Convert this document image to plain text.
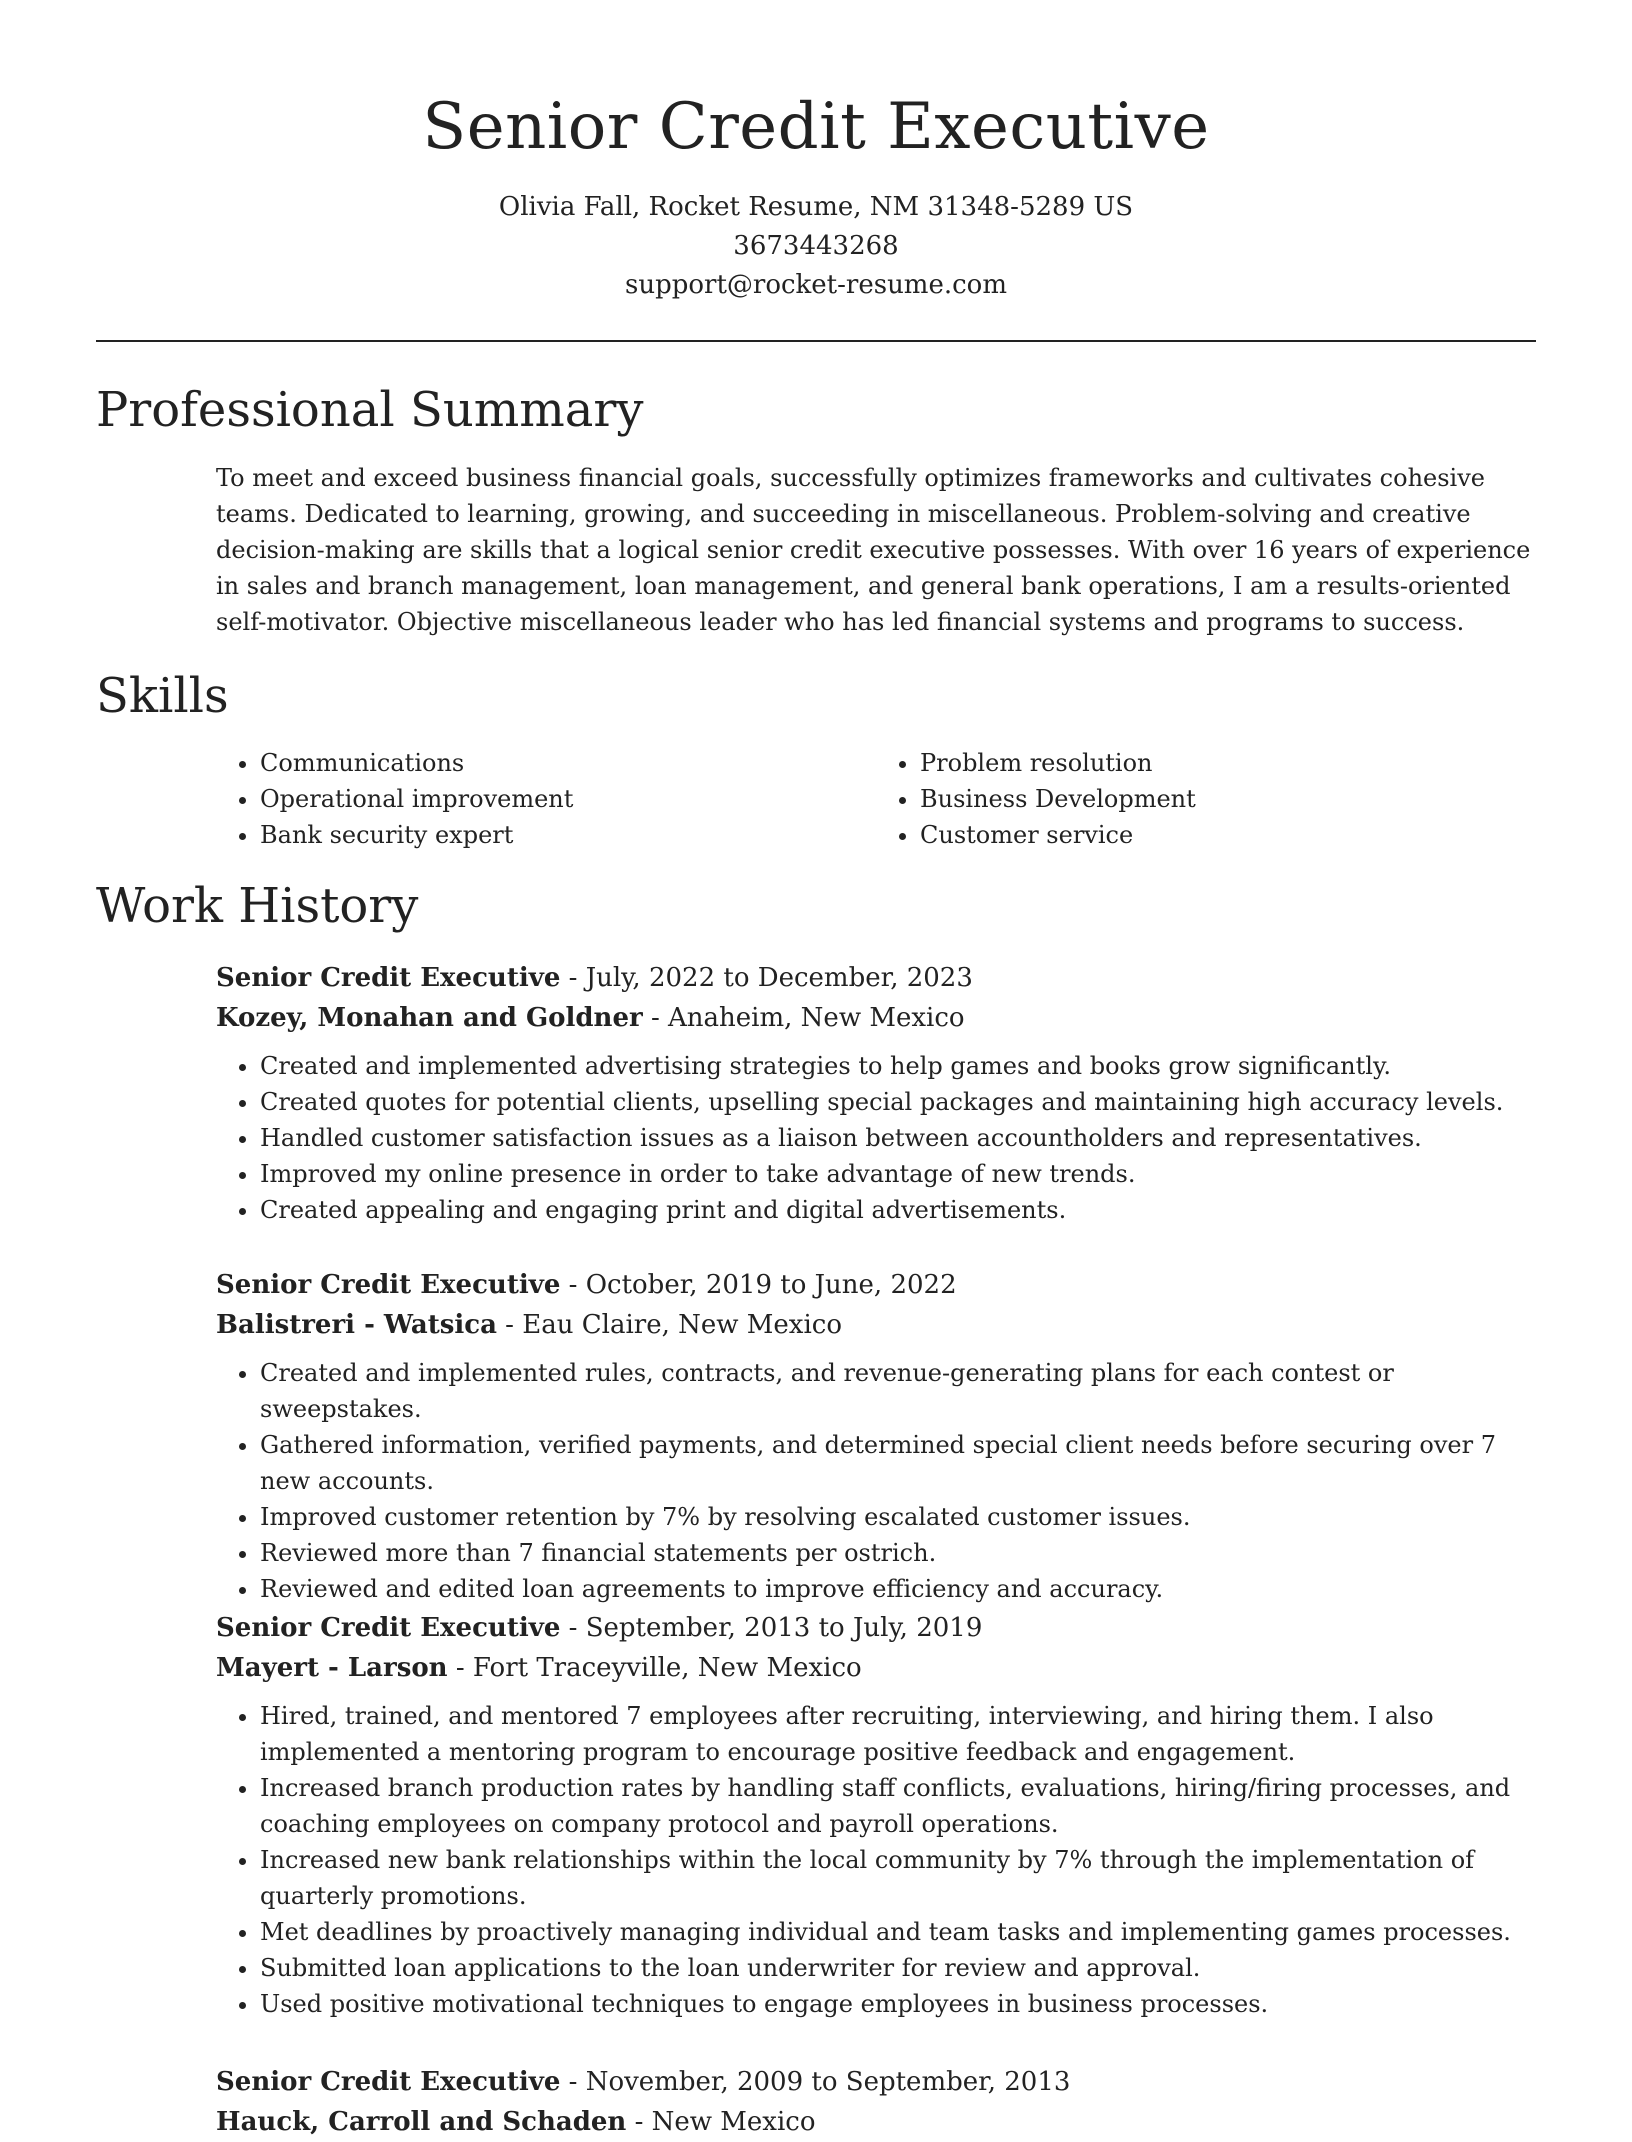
Senior Credit Executive
Olivia Fall, Rocket Resume, NM 31348-5289 US
3673443268
support@rocket-resume.com
Professional Summary
To meet and exceed business financial goals, successfully optimizes frameworks and cultivates cohesive teams. Dedicated to learning, growing, and succeeding in miscellaneous. Problem-solving and creative decision-making are skills that a logical senior credit executive possesses. With over 16 years of experience in sales and branch management, loan management, and general bank operations, I am a results-oriented self-motivator. Objective miscellaneous leader who has led financial systems and programs to success.
Skills
• Communications
• Operational improvement
• Bank security expert
• Problem resolution
• Business Development
• Customer service
Work History
Senior Credit Executive - July, 2022 to December, 2023
Kozey, Monahan and Goldner - Anaheim, New Mexico
• Created and implemented advertising strategies to help games and books grow significantly.
• Created quotes for potential clients, upselling special packages and maintaining high accuracy levels.
• Handled customer satisfaction issues as a liaison between accountholders and representatives.
• Improved my online presence in order to take advantage of new trends.
• Created appealing and engaging print and digital advertisements.
Senior Credit Executive - October, 2019 to June, 2022
Balistreri - Watsica - Eau Claire, New Mexico
• Created and implemented rules, contracts, and revenue-generating plans for each contest or sweepstakes.
• Gathered information, verified payments, and determined special client needs before securing over 7 new accounts.
• Improved customer retention by 7% by resolving escalated customer issues.
• Reviewed more than 7 financial statements per ostrich.
• Reviewed and edited loan agreements to improve efficiency and accuracy.
Senior Credit Executive - September, 2013 to July, 2019
Mayert - Larson - Fort Traceyville, New Mexico
• Hired, trained, and mentored 7 employees after recruiting, interviewing, and hiring them. I also implemented a mentoring program to encourage positive feedback and engagement.
• Increased branch production rates by handling staff conflicts, evaluations, hiring/firing processes, and coaching employees on company protocol and payroll operations.
• Increased new bank relationships within the local community by 7% through the implementation of quarterly promotions.
• Met deadlines by proactively managing individual and team tasks and implementing games processes.
• Submitted loan applications to the loan underwriter for review and approval.
• Used positive motivational techniques to engage employees in business processes.
Senior Credit Executive - November, 2009 to September, 2013
Hauck, Carroll and Schaden - New Mexico
